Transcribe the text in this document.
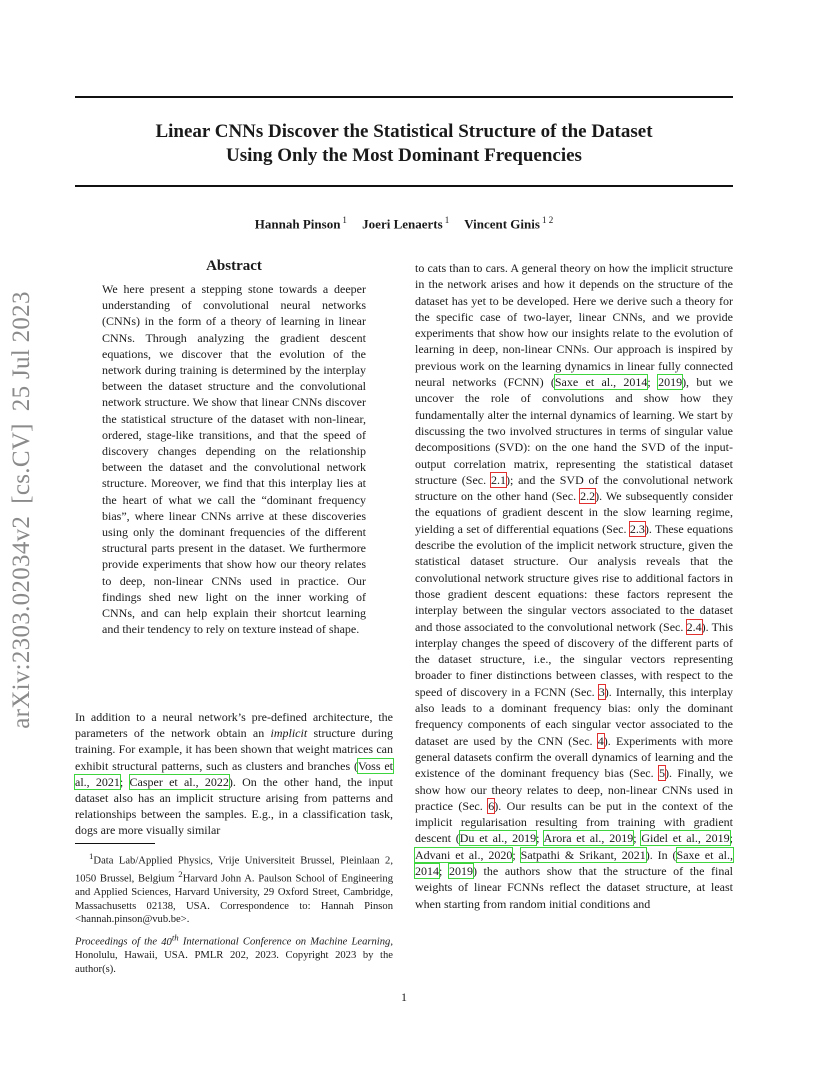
Linear CNNs Discover the Statistical Structure of the Dataset
Using Only the Most Dominant Frequencies
Hannah Pinson $^1$ Joeri Lenaerts $^1$ Vincent Ginis $^{1 2}$
arXiv:2303.02034v2[cs.CV]25 Jul 2023
Abstract

We here present a stepping stone towards a deeper understanding of convolutional neural networks (CNNs) in the form of a theory of learning in linear CNNs. Through analyzing the gradient descent equations, we discover that the evolution of the network during training is determined by the interplay between the dataset structure and the convolutional network structure. We show that linear CNNs discover the statistical structure of the dataset with non-linear, ordered, stage-like transitions, and that the speed of discovery changes depending on the relationship between the dataset and the convolutional network structure. Moreover, we find that this interplay lies at the heart of what we call the “dominant frequency bias”, where linear CNNs arrive at these discoveries using only the dominant frequencies of the different structural parts present in the dataset. We furthermore provide experiments that show how our theory relates to deep, non-linear CNNs used in practice. Our findings shed new light on the inner working of CNNs, and can help explain their shortcut learning and their tendency to rely on texture instead of shape.

In addition to a neural network’s pre-defined architecture, the parameters of the network obtain an implicit structure during training. For example, it has been shown that weight matrices can exhibit structural patterns, such as clusters and branches (Voss et al., 2021; Casper et al., 2022). On the other hand, the input dataset also has an implicit structure arising from patterns and relationships between the samples. E.g., in a classification task, dogs are more visually similar

$^1$Data Lab/Applied Physics, Vrije Universiteit Brussel, Pleinlaan 2, 1050 Brussel, Belgium $^2$Harvard John A. Paulson School of Engineering and Applied Sciences, Harvard University, 29 Oxford Street, Cambridge, Massachusetts 02138, USA. Correspondence to: Hannah Pinson <hannah.pinson@vub.be>.

Proceedings of the 40th International Conference on Machine Learning, Honolulu, Hawaii, USA. PMLR 202, 2023. Copyright 2023 by the author(s).

to cats than to cars. A general theory on how the implicit structure in the network arises and how it depends on the structure of the dataset has yet to be developed. Here we derive such a theory for the specific case of two-layer, linear CNNs, and we provide experiments that show how our insights relate to the evolution of learning in deep, non-linear CNNs. Our approach is inspired by previous work on the learning dynamics in linear fully connected neural networks (FCNN) (Saxe et al., 2014; 2019), but we uncover the role of convolutions and show how they fundamentally alter the internal dynamics of learning. We start by discussing the two involved structures in terms of singular value decompositions (SVD): on the one hand the SVD of the input-output correlation matrix, representing the statistical dataset structure (Sec. 2.1); and the SVD of the convolutional network structure on the other hand (Sec. 2.2). We subsequently consider the equations of gradient descent in the slow learning regime, yielding a set of differential equations (Sec. 2.3). These equations describe the evolution of the implicit network structure, given the statistical dataset structure. Our analysis reveals that the convolutional network structure gives rise to additional factors in those gradient descent equations: these factors represent the interplay between the singular vectors associated to the dataset and those associated to the convolutional network (Sec. 2.4). This interplay changes the speed of discovery of the different parts of the dataset structure, i.e., the singular vectors representing broader to finer distinctions between classes, with respect to the speed of discovery in a FCNN (Sec. 3). Internally, this interplay also leads to a dominant frequency bias: only the dominant frequency components of each singular vector associated to the dataset are used by the CNN (Sec. 4). Experiments with more general datasets confirm the overall dynamics of learning and the existence of the dominant frequency bias (Sec. 5). Finally, we show how our theory relates to deep, non-linear CNNs used in practice (Sec. 6). Our results can be put in the context of the implicit regularisation resulting from training with gradient descent (Du et al., 2019; Arora et al., 2019; Gidel et al., 2019; Advani et al., 2020; Satpathi & Srikant, 2021). In (Saxe et al., 2014; 2019) the authors show that the structure of the final weights of linear FCNNs reflect the dataset structure, at least when starting from random initial conditions and

1
